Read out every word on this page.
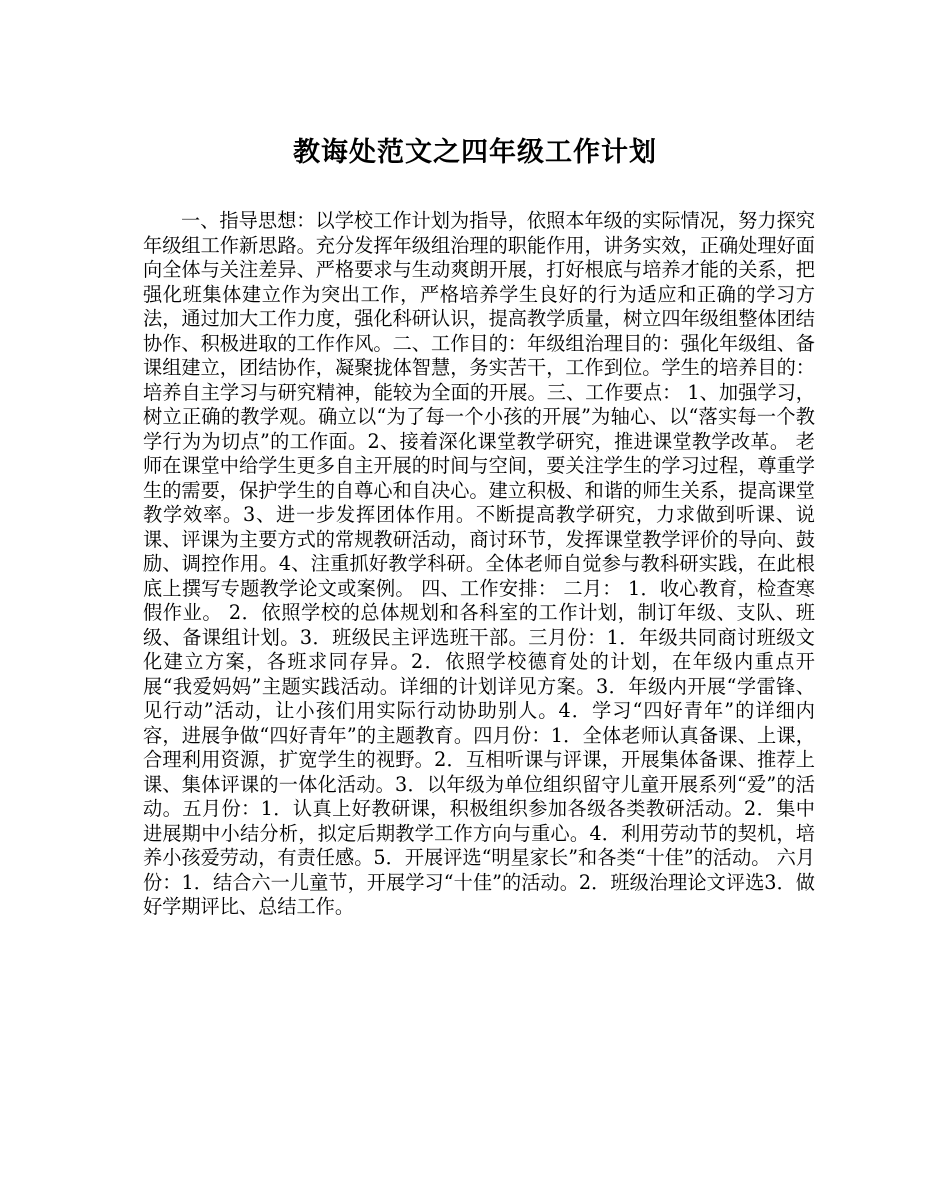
教诲处范文之四年级工作计划
一、指导思想：以学校工作计划为指导，依照本年级的实际情况，努力探究年级组工作新思路。充分发挥年级组治理的职能作用，讲务实效，正确处理好面向全体与关注差异、严格要求与生动爽朗开展，打好根底与培养才能的关系，把强化班集体建立作为突出工作，严格培养学生良好的行为适应和正确的学习方法，通过加大工作力度，强化科研认识，提高教学质量，树立四年级组整体团结协作、积极进取的工作作风。二、工作目的：年级组治理目的：强化年级组、备课组建立，团结协作，凝聚拢体智慧，务实苦干，工作到位。学生的培养目的：培养自主学习与研究精神，能较为全面的开展。三、工作要点： 1、加强学习， 树立正确的教学观。确立以“为了每一个小孩的开展”为轴心、以“落实每一个教学行为为切点”的工作面。2、接着深化课堂教学研究，推进课堂教学改革。 老师在课堂中给学生更多自主开展的时间与空间，要关注学生的学习过程，尊重学生的需要，保护学生的自尊心和自决心。建立积极、和谐的师生关系，提高课堂教学效率。3、进一步发挥团体作用。不断提高教学研究，力求做到听课、说课、评课为主要方式的常规教研活动，商讨环节，发挥课堂教学评价的导向、鼓励、调控作用。4、注重抓好教学科研。全体老师自觉参与教科研实践，在此根底上撰写专题教学论文或案例。 四、工作安排： 二月： 1．收心教育，检查寒假作业。 2．依照学校的总体规划和各科室的工作计划，制订年级、支队、班级、备课组计划。3．班级民主评选班干部。三月份：1．年级共同商讨班级文化建立方案，各班求同存异。2．依照学校德育处的计划，在年级内重点开展“我爱妈妈”主题实践活动。详细的计划详见方案。3．年级内开展“学雷锋、见行动”活动，让小孩们用实际行动协助别人。4．学习“四好青年”的详细内容，进展争做“四好青年”的主题教育。四月份：1．全体老师认真备课、上课，合理利用资源，扩宽学生的视野。2．互相听课与评课，开展集体备课、推荐上课、集体评课的一体化活动。3．以年级为单位组织留守儿童开展系列“爱”的活动。五月份：1．认真上好教研课，积极组织参加各级各类教研活动。2．集中进展期中小结分析，拟定后期教学工作方向与重心。4．利用劳动节的契机，培养小孩爱劳动，有责任感。5．开展评选“明星家长”和各类“十佳”的活动。 六月份：1．结合六一儿童节，开展学习“十佳”的活动。2．班级治理论文评选3．做好学期评比、总结工作。
